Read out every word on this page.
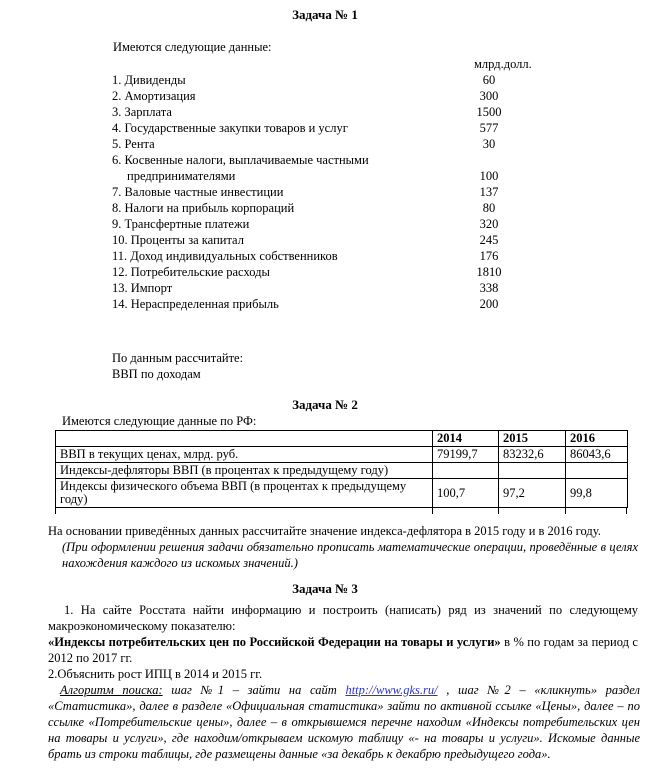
Задача № 1

Имеются следующие данные:

млрд.долл.
1. Дивиденды	60
2. Амортизация	300
3. Зарплата	1500
4. Государственные закупки товаров и услуг	577
5. Рента	30
6. Косвенные налоги, выплачиваемые частными
предпринимателями	100
7. Валовые частные инвестиции	137
8. Налоги на прибыль корпораций	80
9. Трансфертные платежи	320
10. Проценты за капитал	245
11. Доход индивидуальных собственников	176
12. Потребительские расходы	1810
13. Импорт	338
14. Нераспределенная прибыль	200

По данным рассчитайте:

ВВП по доходам

Задача № 2

Имеются следующие данные по РФ:

	2014	2015	2016
ВВП в текущих ценах, млрд. руб.	79199,7	83232,6	86043,6
Индексы-дефляторы ВВП (в процентах к предыдущему году)			
Индексы физического объема ВВП (в процентах к предыдущему году)	100,7	97,2	99,8

На основании приведённых данных рассчитайте значение индекса-дефлятора в 2015 году и в 2016 году.

(При оформлении решения задачи обязательно прописать математические операции, проведённые в целях нахождения каждого из искомых значений.)

Задача № 3

1. На сайте Росстата найти информацию и построить (написать) ряд из значений по следующему макроэкономическому показателю:

«Индексы потребительских цен по Российской Федерации на товары и услуги» в % по годам за период с 2012 по 2017 гг.

2.Объяснить рост ИПЦ в 2014 и 2015 гг.

Алгоритм поиска: шаг №1 – зайти на сайт http://www.gks.ru/ , шаг №2 – «кликнуть» раздел «Статистика», далее в разделе «Официальная статистика» зайти по активной ссылке «Цены», далее – по ссылке «Потребительские цены», далее – в открывшемся перечне находим «Индексы потребительских цен на товары и услуги», где находим/открываем искомую таблицу «- на товары и услуги». Искомые данные брать из строки таблицы, где размещены данные «за декабрь к декабрю предыдущего года».
